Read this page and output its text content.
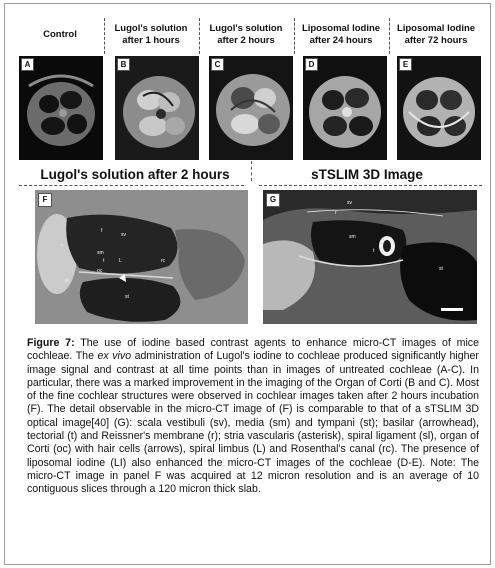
Control
Lugol's solution
after 1 hours
Lugol's solution
after 2 hours
Liposomal Iodine
after 24 hours
Liposomal Iodine
after 72 hours
A	B	C	D	E
Lugol's solution after 2 hours	sTSLIM 3D Image
sv
f
sm
t	L
oc
*
sl
st
rc
F	sv
sm
st
r
t
G
Figure 7: The use of iodine based contrast agents to enhance micro-CT images of mice cochleae. The ex vivo administration of Lugol's iodine to cochleae produced significantly higher image signal and contrast at all time points than in images of untreated cochleae (A-C). In particular, there was a marked improvement in the imaging of the Organ of Corti (B and C). Most of the fine cochlear structures were observed in cochlear images taken after 2 hours incubation (F). The detail observable in the micro-CT image of (F) is comparable to that of a sTSLIM 3D optical image[40] (G): scala vestibuli (sv), media (sm) and tympani (st); basilar (arrowhead), tectorial (t) and Reissner's membrane (r); stria vascularis (asterisk), spiral ligament (sl), organ of Corti (oc) with hair cells (arrows), spiral limbus (L) and Rosenthal's canal (rc). The presence of liposomal iodine (LI) also enhanced the micro-CT images of the cochleae (D-E). Note: The micro-CT image in panel F was acquired at 12 micron resolution and is an average of 10 contiguous slices through a 120 micron thick slab.
